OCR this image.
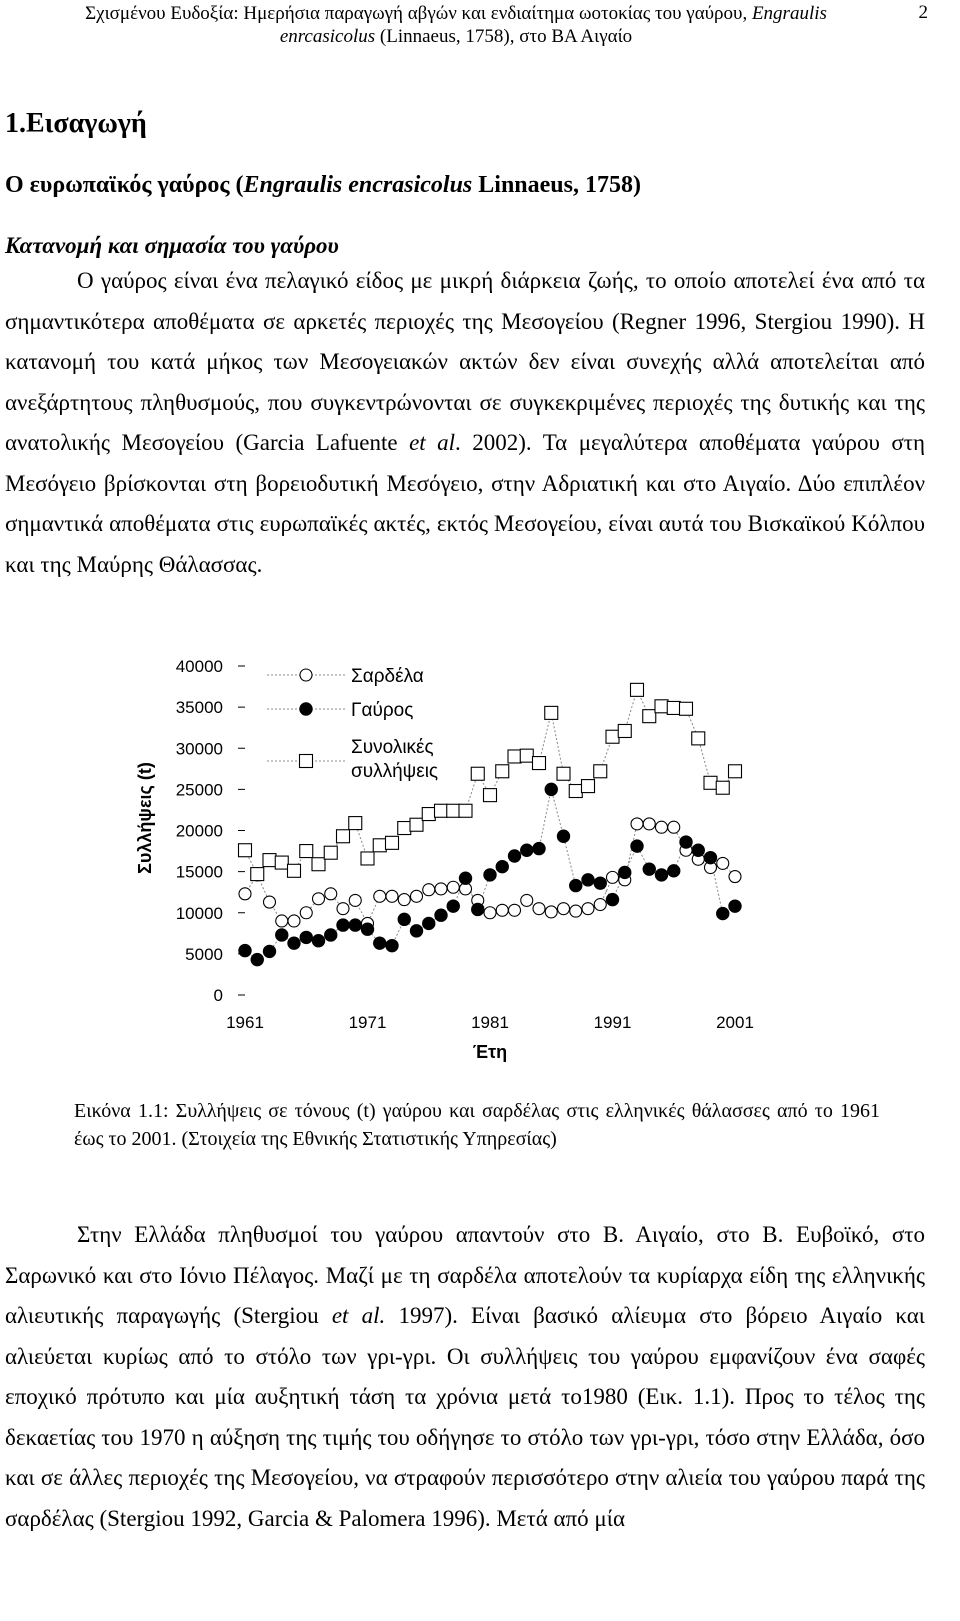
Σχισμένου Ευδοξία: Ημερήσια παραγωγή αβγών και ενδιαίτημα ωοτοκίας του γαύρου, Engraulis
enrcasicolus (Linnaeus, 1758), στο ΒΑ Αιγαίο
2
1.Εισαγωγή
Ο ευρωπαϊκός γαύρος (Engraulis encrasicolus Linnaeus, 1758)
Κατανομή και σημασία του γαύρου

Ο γαύρος είναι ένα πελαγικό είδος με μικρή διάρκεια ζωής, το οποίο αποτελεί ένα από τα σημαντικότερα αποθέματα σε αρκετές περιοχές της Μεσογείου (Regner 1996, Stergiou 1990). Η κατανομή του κατά μήκος των Μεσογειακών ακτών δεν είναι συνεχής αλλά αποτελείται από ανεξάρτητους πληθυσμούς, που συγκεντρώνονται σε συγκεκριμένες περιοχές της δυτικής και της ανατολικής Μεσογείου (Garcia Lafuente et al. 2002). Τα μεγαλύτερα αποθέματα γαύρου στη Μεσόγειο βρίσκονται στη βορειοδυτική Μεσόγειο, στην Αδριατική και στο Αιγαίο. Δύο επιπλέον σημαντικά αποθέματα στις ευρωπαϊκές ακτές, εκτός Μεσογείου, είναι αυτά του Βισκαϊκού Κόλπου και της Μαύρης Θάλασσας.

0
5000
10000
15000
20000
25000
30000
35000
40000
1961	1971	1981	1991	2001
Έτη
Συλλήψεις (t)
Σαρδέλα
Γαύρος
Συνολικές συλλήψεις

Εικόνα 1.1: Συλλήψεις σε τόνους (t) γαύρου και σαρδέλας στις ελληνικές θάλασσες από το 1961 έως το 2001. (Στοιχεία της Εθνικής Στατιστικής Υπηρεσίας)

Στην Ελλάδα πληθυσμοί του γαύρου απαντούν στο Β. Αιγαίο, στο Β. Ευβοϊκό, στο Σαρωνικό και στο Ιόνιο Πέλαγος. Μαζί με τη σαρδέλα αποτελούν τα κυρίαρχα είδη της ελληνικής αλιευτικής παραγωγής (Stergiou et al. 1997). Είναι βασικό αλίευμα στο βόρειο Αιγαίο και αλιεύεται κυρίως από το στόλο των γρι-γρι. Οι συλλήψεις του γαύρου εμφανίζουν ένα σαφές εποχικό πρότυπο και μία αυξητική τάση τα χρόνια μετά το1980 (Εικ. 1.1). Προς το τέλος της δεκαετίας του 1970 η αύξηση της τιμής του οδήγησε το στόλο των γρι-γρι, τόσο στην Ελλάδα, όσο και σε άλλες περιοχές της Μεσογείου, να στραφούν περισσότερο στην αλιεία του γαύρου παρά της σαρδέλας (Stergiou 1992, Garcia & Palomera 1996). Μετά από μία
